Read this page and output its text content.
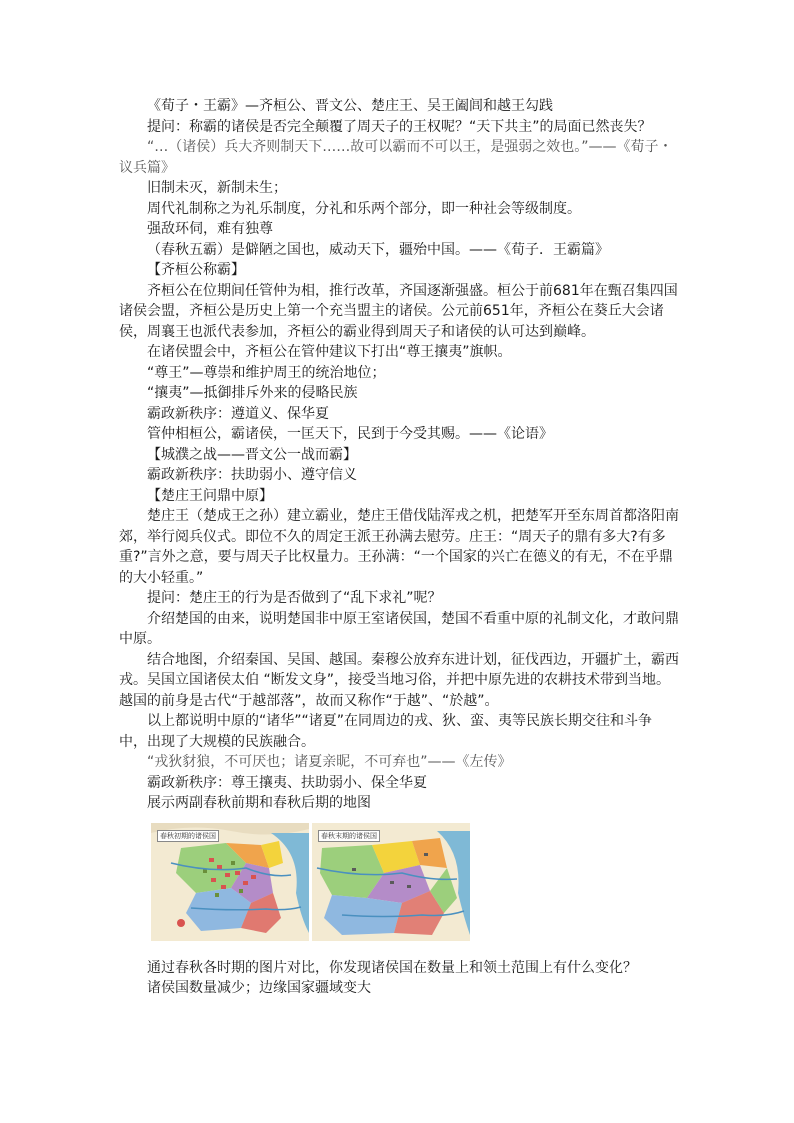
《荀子・王霸》—齐桓公、晋文公、楚庄王、吴王阖闾和越王勾践

提问：称霸的诸侯是否完全颠覆了周天子的王权呢？“天下共主”的局面已然丧失？

“…（诸侯）兵大齐则制天下……故可以霸而不可以王，是强弱之效也。”——《荀子・议兵篇》

旧制未灭，新制未生；

周代礼制称之为礼乐制度，分礼和乐两个部分，即一种社会等级制度。

强敌环伺，难有独尊

（春秋五霸）是僻陋之国也，威动天下，疆殆中国。——《荀子．王霸篇》

【齐桓公称霸】

齐桓公在位期间任管仲为相，推行改革，齐国逐渐强盛。桓公于前681年在甄召集四国诸侯会盟，齐桓公是历史上第一个充当盟主的诸侯。公元前651年，齐桓公在葵丘大会诸侯，周襄王也派代表参加，齐桓公的霸业得到周天子和诸侯的认可达到巅峰。

在诸侯盟会中，齐桓公在管仲建议下打出“尊王攘夷”旗帜。

“尊王”—尊崇和维护周王的统治地位；

“攘夷”—抵御排斥外来的侵略民族

霸政新秩序：遵道义、保华夏

管仲相桓公，霸诸侯，一匡天下，民到于今受其赐。——《论语》

【城濮之战——晋文公一战而霸】

霸政新秩序：扶助弱小、遵守信义

【楚庄王问鼎中原】

楚庄王（楚成王之孙）建立霸业，楚庄王借伐陆浑戎之机，把楚军开至东周首都洛阳南郊，举行阅兵仪式。即位不久的周定王派王孙满去慰劳。庄王：“周天子的鼎有多大?有多重?”言外之意，要与周天子比权量力。王孙满：“一个国家的兴亡在德义的有无，不在乎鼎的大小轻重。”

提问：楚庄王的行为是否做到了“乱下求礼”呢？

介绍楚国的由来，说明楚国非中原王室诸侯国，楚国不看重中原的礼制文化，才敢问鼎中原。

结合地图，介绍秦国、吴国、越国。秦穆公放弃东进计划，征伐西边，开疆扩土，霸西戎。吴国立国诸侯太伯 “断发文身”，接受当地习俗，并把中原先进的农耕技术带到当地。越国的前身是古代“于越部落”，故而又称作“于越”、“於越”。

以上都说明中原的“诸华”“诸夏”在同周边的戎、狄、蛮、夷等民族长期交往和斗争中，出现了大规模的民族融合。

“戎狄豺狼，不可厌也；诸夏亲昵，不可弃也”——《左传》

霸政新秩序：尊王攘夷、扶助弱小、保全华夏

展示两副春秋前期和春秋后期的地图

春秋初期的诸侯国	春秋末期的诸侯国

通过春秋各时期的图片对比，你发现诸侯国在数量上和领土范围上有什么变化？

诸侯国数量减少；边缘国家疆域变大
